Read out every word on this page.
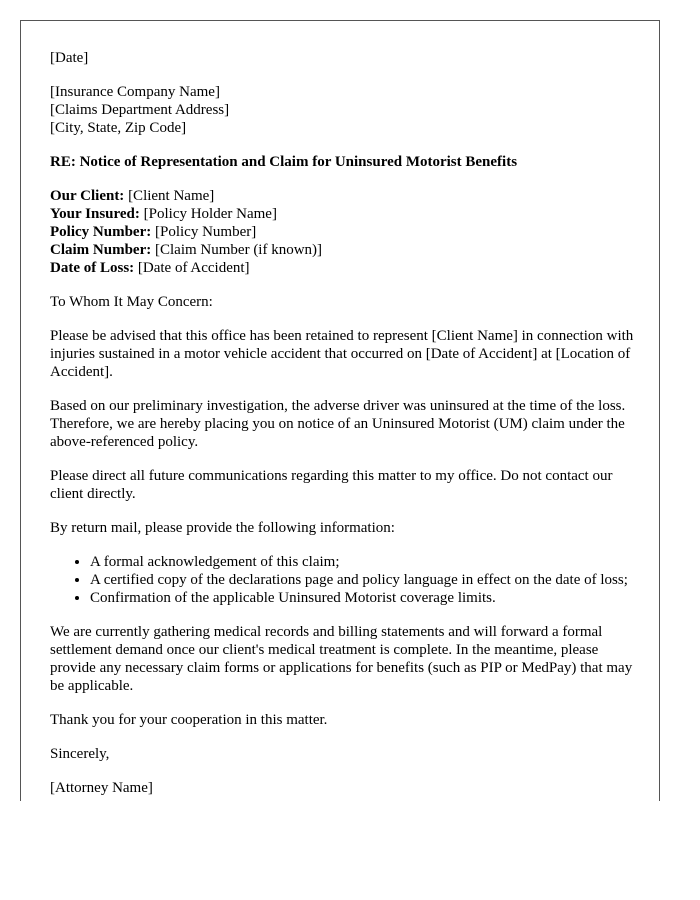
[Date]

[Insurance Company Name]
[Claims Department Address]
[City, State, Zip Code]

RE: Notice of Representation and Claim for Uninsured Motorist Benefits

Our Client: [Client Name]
Your Insured: [Policy Holder Name]
Policy Number: [Policy Number]
Claim Number: [Claim Number (if known)]
Date of Loss: [Date of Accident]

To Whom It May Concern:

Please be advised that this office has been retained to represent [Client Name] in connection with injuries sustained in a motor vehicle accident that occurred on [Date of Accident] at [Location of Accident].

Based on our preliminary investigation, the adverse driver was uninsured at the time of the loss. Therefore, we are hereby placing you on notice of an Uninsured Motorist (UM) claim under the above-referenced policy.

Please direct all future communications regarding this matter to my office. Do not contact our client directly.

By return mail, please provide the following information:

• A formal acknowledgement of this claim;
• A certified copy of the declarations page and policy language in effect on the date of loss;
• Confirmation of the applicable Uninsured Motorist coverage limits.

We are currently gathering medical records and billing statements and will forward a formal settlement demand once our client's medical treatment is complete. In the meantime, please provide any necessary claim forms or applications for benefits (such as PIP or MedPay) that may be applicable.

Thank you for your cooperation in this matter.

Sincerely,

[Attorney Name]
